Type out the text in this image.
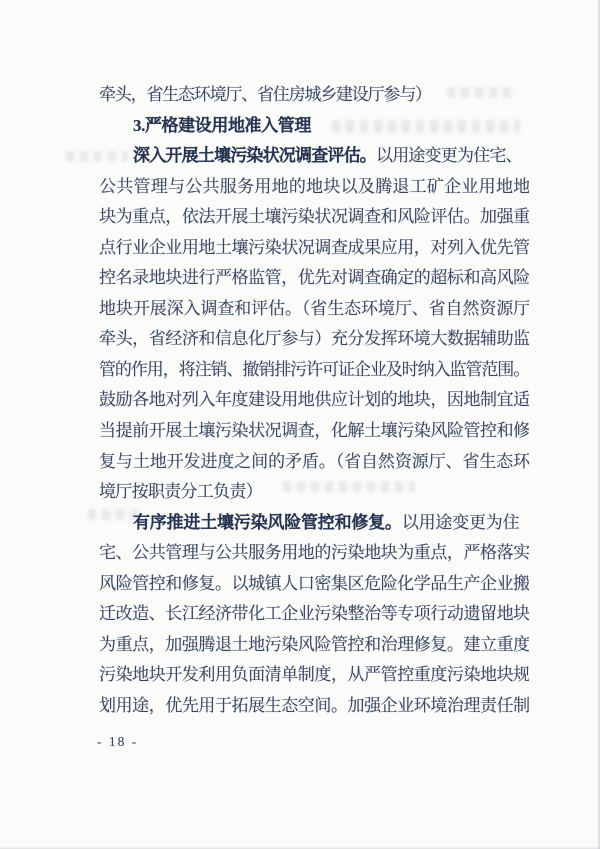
牵头，省生态环境厅、省住房城乡建设厅参与）
3.严格建设用地准入管理
深入开展土壤污染状况调查评估。以用途变更为住宅、
公共管理与公共服务用地的地块以及腾退工矿企业用地地
块为重点，依法开展土壤污染状况调查和风险评估。加强重
点行业企业用地土壤污染状况调查成果应用，对列入优先管
控名录地块进行严格监管，优先对调查确定的超标和高风险
地块开展深入调查和评估。（省生态环境厅、省自然资源厅
牵头，省经济和信息化厅参与）充分发挥环境大数据辅助监
管的作用，将注销、撤销排污许可证企业及时纳入监管范围。
鼓励各地对列入年度建设用地供应计划的地块，因地制宜适
当提前开展土壤污染状况调查，化解土壤污染风险管控和修
复与土地开发进度之间的矛盾。（省自然资源厅、省生态环
境厅按职责分工负责）
有序推进土壤污染风险管控和修复。以用途变更为住
宅、公共管理与公共服务用地的污染地块为重点，严格落实
风险管控和修复。以城镇人口密集区危险化学品生产企业搬
迁改造、长江经济带化工企业污染整治等专项行动遗留地块
为重点，加强腾退土地污染风险管控和治理修复。建立重度
污染地块开发利用负面清单制度，从严管控重度污染地块规
划用途，优先用于拓展生态空间。加强企业环境治理责任制
- 18 -
